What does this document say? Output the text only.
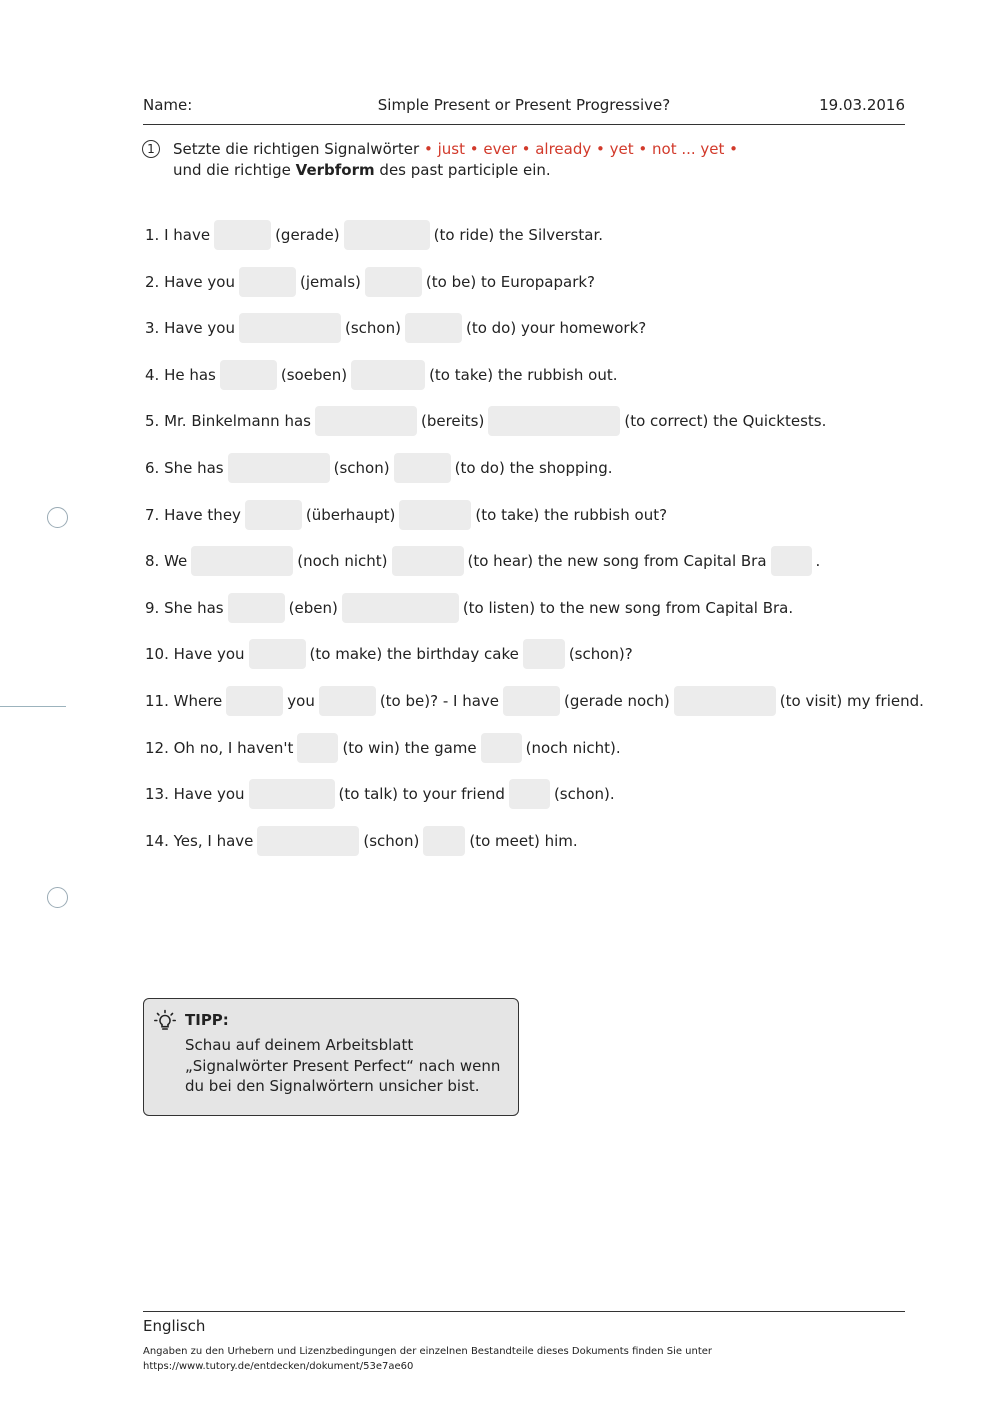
Name:	Simple Present or Present Progressive?	19.03.2016
1	Setzte die richtigen Signalwörter • just • ever • already • yet • not ... yet •
und die richtige Verbform des past participle ein.
1. I have	(gerade)	(to ride) the Silverstar.
2. Have you	(jemals)	(to be) to Europapark?
3. Have you	(schon)	(to do) your homework?
4. He has	(soeben)	(to take) the rubbish out.
5. Mr. Binkelmann has	(bereits)	(to correct) the Quicktests.
6. She has	(schon)	(to do) the shopping.
7. Have they	(überhaupt)	(to take) the rubbish out?
8. We	(noch nicht)	(to hear) the new song from Capital Bra	.
9. She has	(eben)	(to listen) to the new song from Capital Bra.
10. Have you	(to make) the birthday cake	(schon)?
11. Where	you	(to be)? - I have	(gerade noch)	(to visit) my friend.
12. Oh no, I haven't	(to win) the game	(noch nicht).
13. Have you	(to talk) to your friend	(schon).
14. Yes, I have	(schon)	(to meet) him.
TIPP:
Schau auf deinem Arbeitsblatt „Signalwörter Present Perfect“ nach wenn du bei den Signalwörtern unsicher bist.
Englisch
Angaben zu den Urhebern und Lizenzbedingungen der einzelnen Bestandteile dieses Dokuments finden Sie unter
https://www.tutory.de/entdecken/dokument/53e7ae60
